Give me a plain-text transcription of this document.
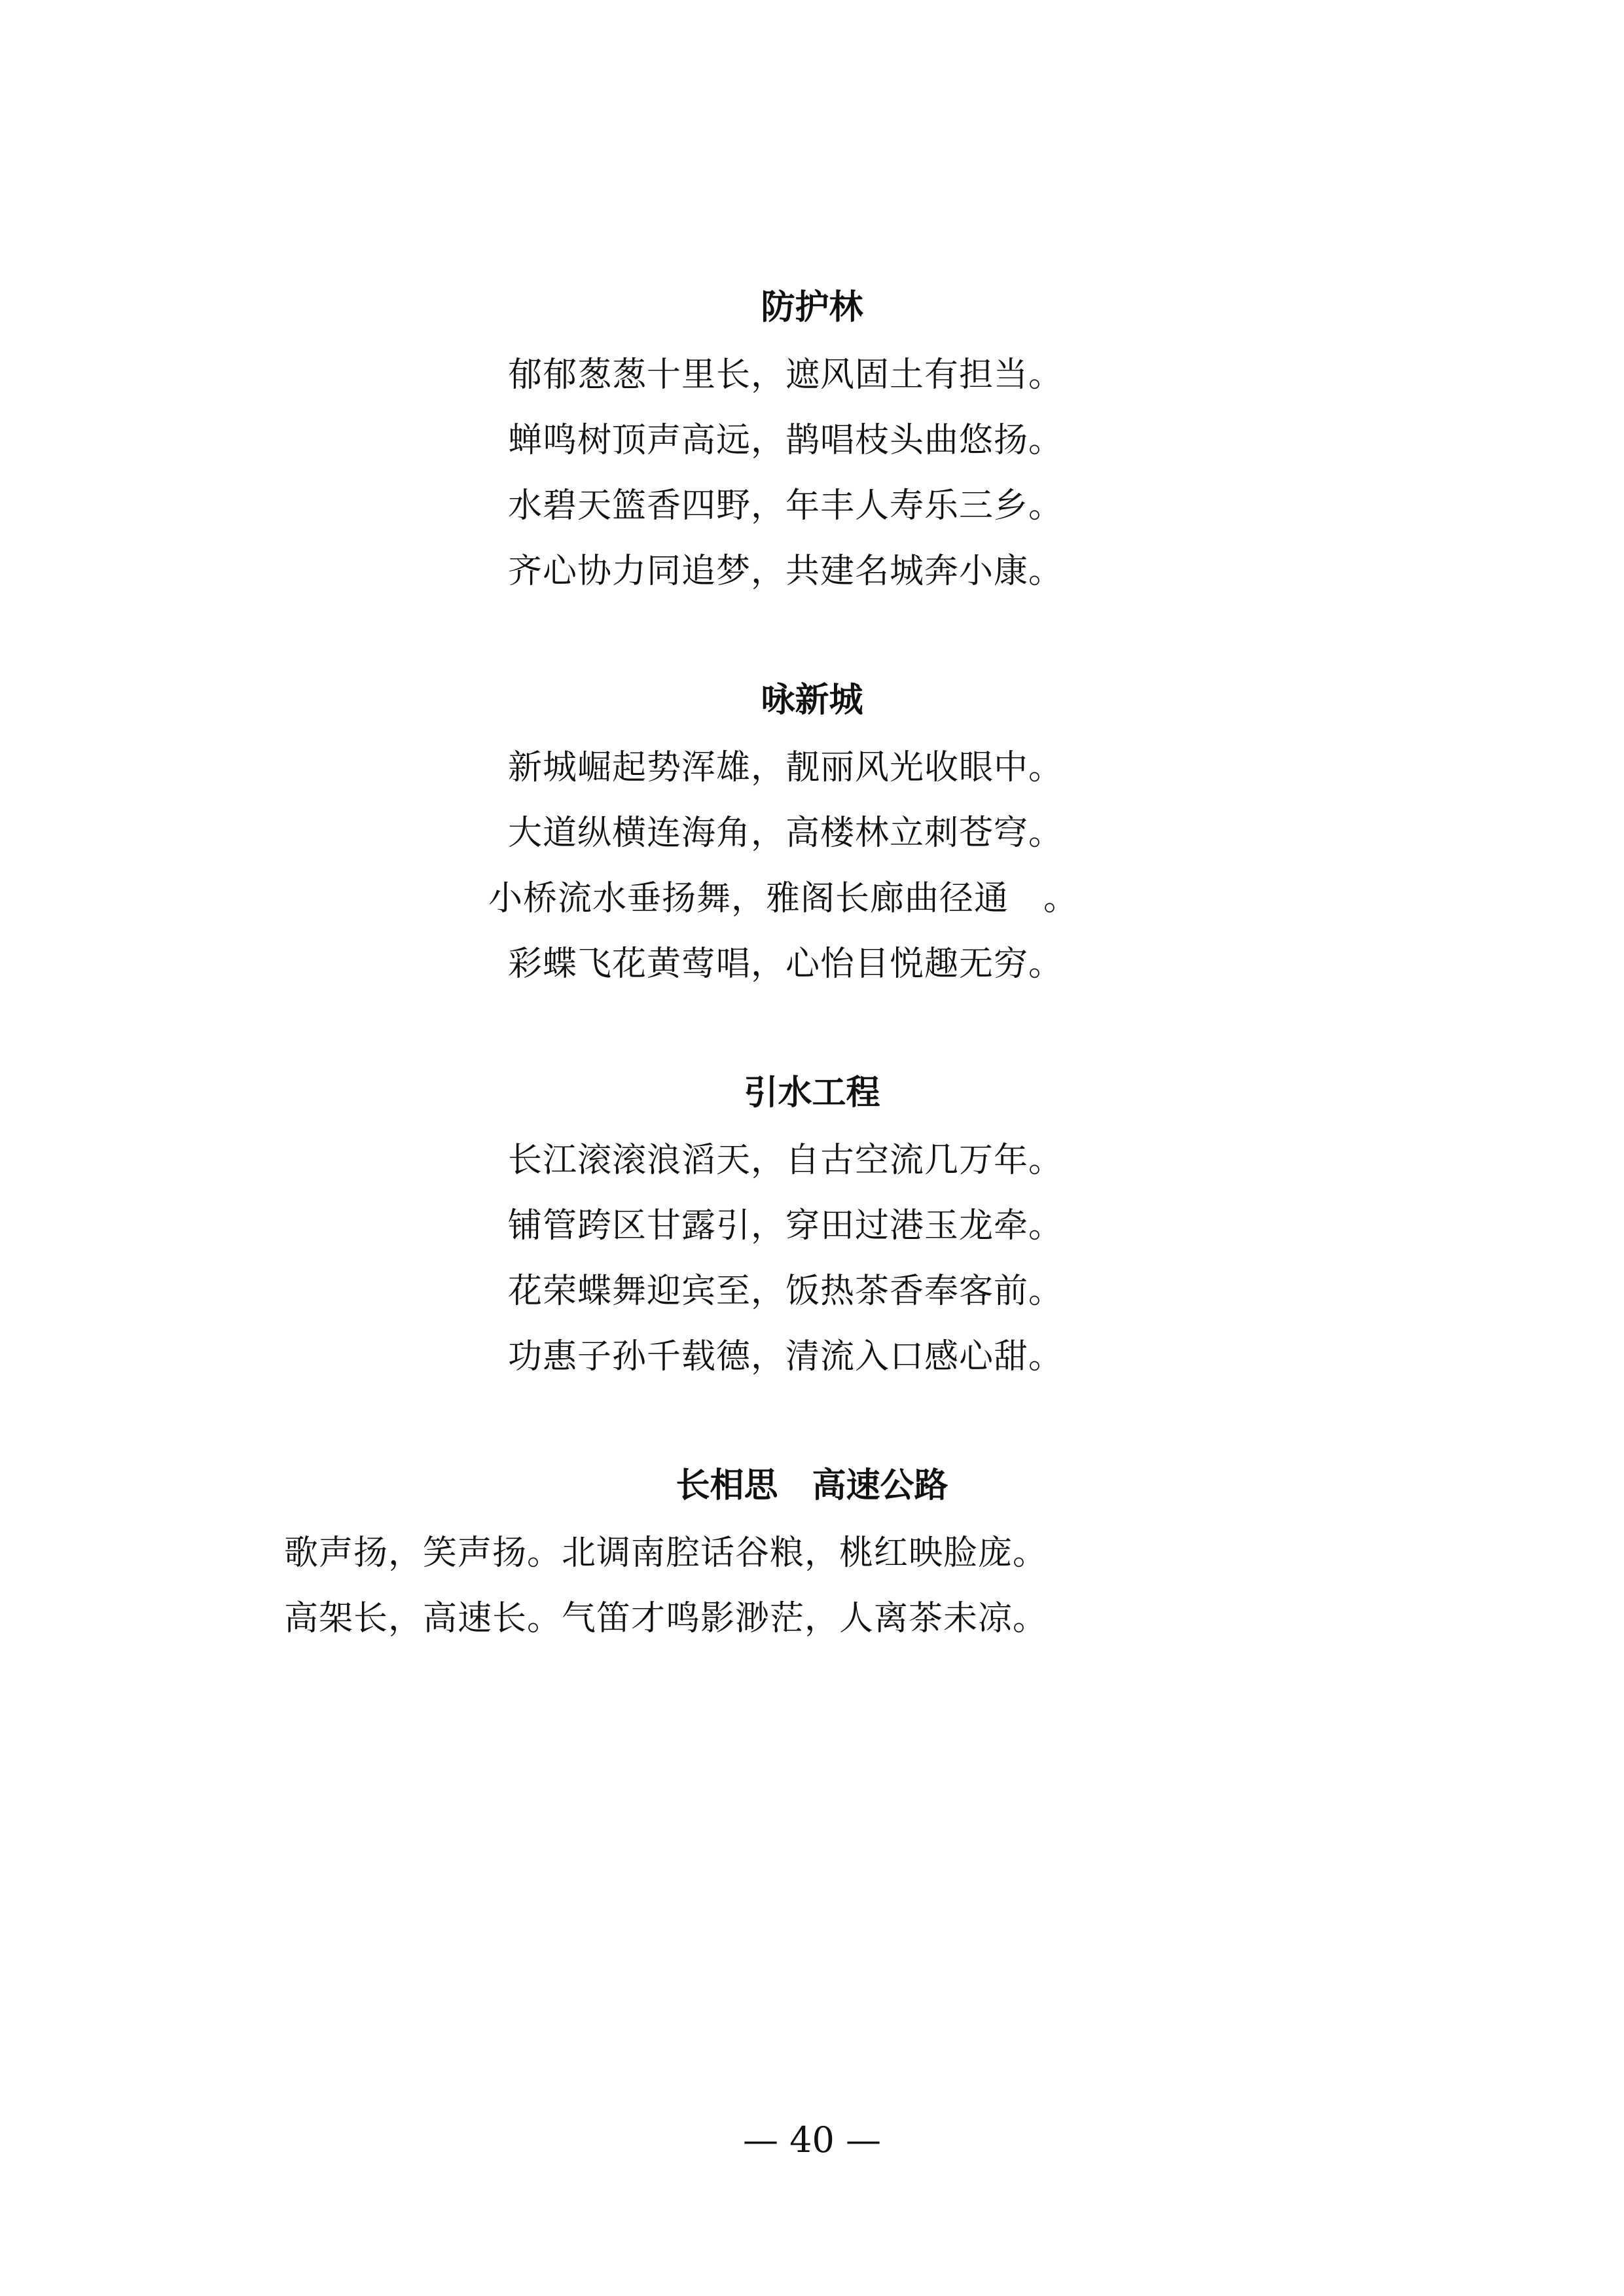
防护林
郁郁葱葱十里长，遮风固土有担当。
蝉鸣树顶声高远，鹊唱枝头曲悠扬。
水碧天篮香四野，年丰人寿乐三乡。
齐心协力同追梦，共建名城奔小康。
咏新城
新城崛起势浑雄，靓丽风光收眼中。
大道纵横连海角，高楼林立刺苍穹。
小桥流水垂扬舞，雅阁长廊曲径通　。
彩蝶飞花黄莺唱，心怡目悦趣无穷。
引水工程
长江滚滚浪滔天，自古空流几万年。
铺管跨区甘露引，穿田过港玉龙牵。
花荣蝶舞迎宾至，饭热茶香奉客前。
功惠子孙千载德，清流入口感心甜。
长相思　高速公路
歌声扬，笑声扬。北调南腔话谷粮，桃红映脸庞。
高架长，高速长。气笛才鸣影渺茫，人离茶未凉。
— 40 —
